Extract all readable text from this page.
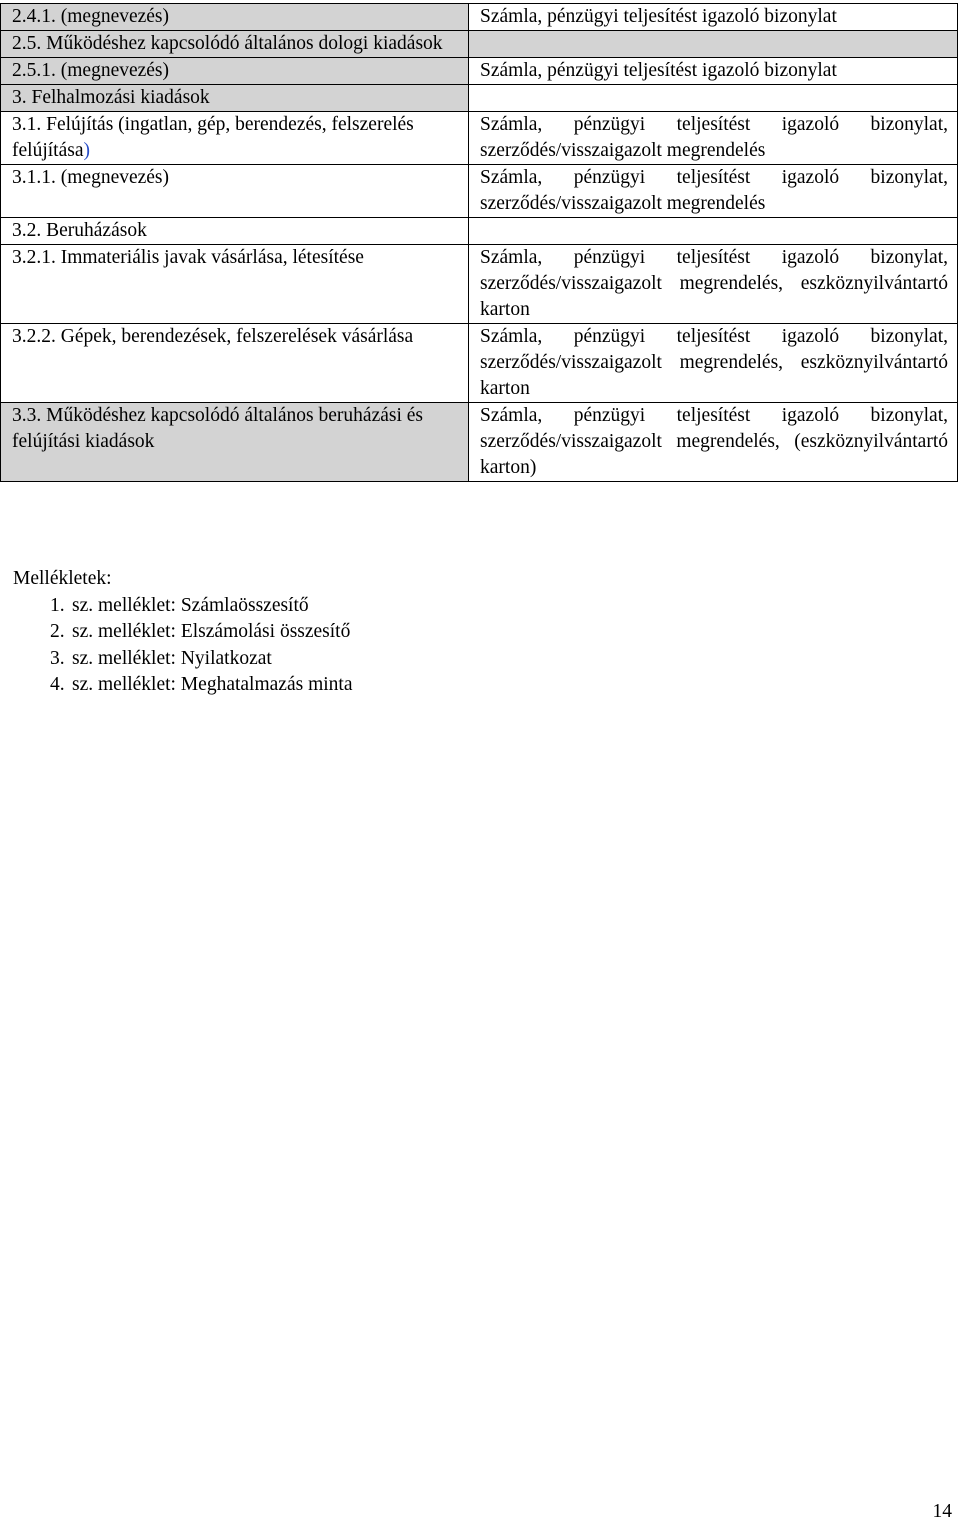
2.4.1. (megnevezés)	Számla, pénzügyi teljesítést igazoló bizonylat
2.5. Működéshez kapcsolódó általános dologi kiadások	
2.5.1. (megnevezés)	Számla, pénzügyi teljesítést igazoló bizonylat
3. Felhalmozási kiadások	
3.1. Felújítás (ingatlan, gép, berendezés, felszerelés felújítása)	Számla, pénzügyi teljesítést igazoló bizonylat, szerződés/visszaigazolt megrendelés
3.1.1. (megnevezés)	Számla, pénzügyi teljesítést igazoló bizonylat, szerződés/visszaigazolt megrendelés
3.2. Beruházások	
3.2.1. Immateriális javak vásárlása, létesítése	Számla, pénzügyi teljesítést igazoló bizonylat, szerződés/visszaigazolt megrendelés, eszköznyilvántartó karton
3.2.2. Gépek, berendezések, felszerelések vásárlása	Számla, pénzügyi teljesítést igazoló bizonylat, szerződés/visszaigazolt megrendelés, eszköznyilvántartó karton
3.3. Működéshez kapcsolódó általános beruházási és felújítási kiadások	Számla, pénzügyi teljesítést igazoló bizonylat, szerződés/visszaigazolt megrendelés, (eszköznyilvántartó karton)
Mellékletek:
1. sz. melléklet: Számlaösszesítő
2. sz. melléklet: Elszámolási összesítő
3. sz. melléklet: Nyilatkozat
4. sz. melléklet: Meghatalmazás minta
14
